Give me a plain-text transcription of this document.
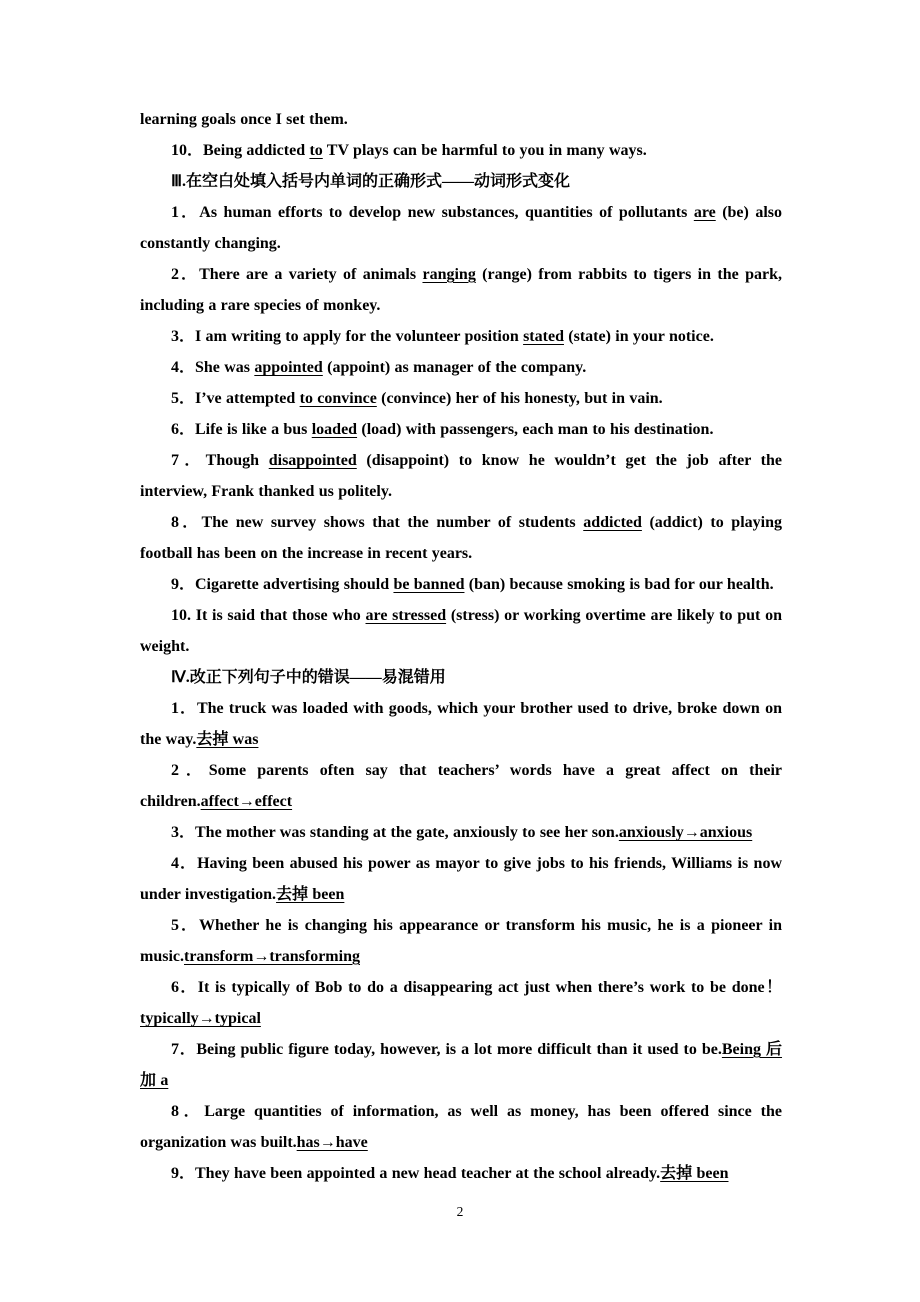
learning goals once I set them.

10．Being addicted to TV plays can be harmful to you in many ways.

Ⅲ.在空白处填入括号内单词的正确形式——动词形式变化

1．As human efforts to develop new substances, quantities of pollutants are (be) also constantly changing.

2．There are a variety of animals ranging (range) from rabbits to tigers in the park, including a rare species of monkey.

3．I am writing to apply for the volunteer position stated (state) in your notice.

4．She was appointed (appoint) as manager of the company.

5．I’ve attempted to convince (convince) her of his honesty, but in vain.

6．Life is like a bus loaded (load) with passengers, each man to his destination.

7．Though disappointed (disappoint) to know he wouldn’t get the job after the interview, Frank thanked us politely.

8．The new survey shows that the number of students addicted (addict) to playing football has been on the increase in recent years.

9．Cigarette advertising should be banned (ban) because smoking is bad for our health.

10. It is said that those who are stressed (stress) or working overtime are likely to put on weight.

Ⅳ.改正下列句子中的错误——易混错用

1．The truck was loaded with goods, which your brother used to drive, broke down on the way.去掉 was

2．Some parents often say that teachers’ words have a great affect on their children.affect→effect

3．The mother was standing at the gate, anxiously to see her son.anxiously→anxious

4．Having been abused his power as mayor to give jobs to his friends, Williams is now under investigation.去掉 been

5．Whether he is changing his appearance or transform his music, he is a pioneer in music.transform→transforming

6．It is typically of Bob to do a disappearing act just when there’s work to be done！typically→typical

7．Being public figure today, however, is a lot more difficult than it used to be.Being 后加 a

8．Large quantities of information, as well as money, has been offered since the organization was built.has→have

9．They have been appointed a new head teacher at the school already.去掉 been

2
